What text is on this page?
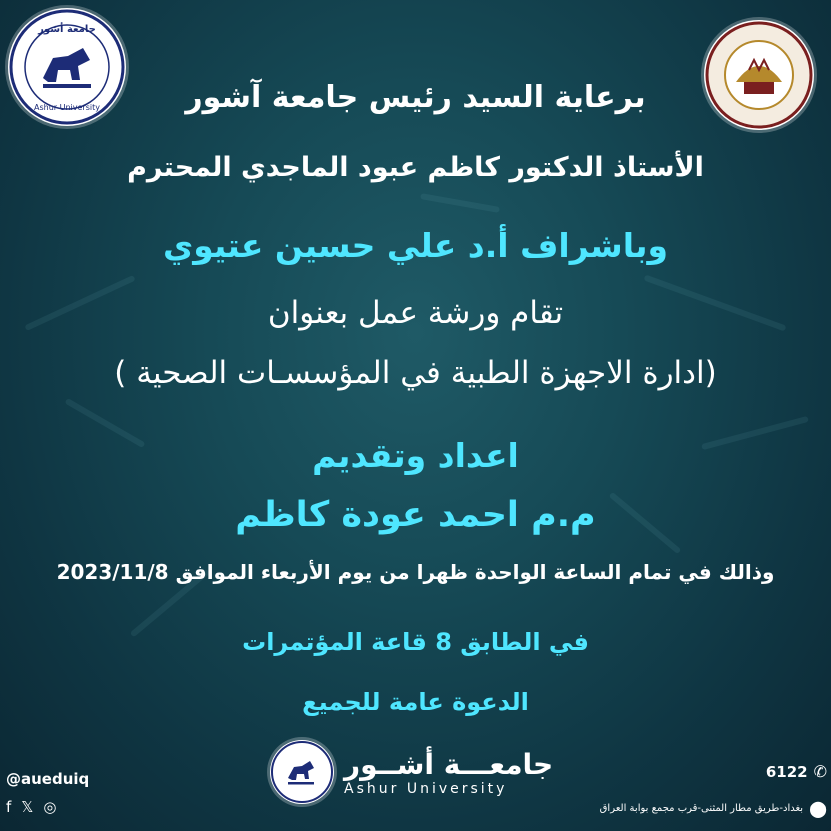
جامعة أشور
Ashur University	برعاية السيد رئيس جامعة آشور
الأستاذ الدكتور كاظم عبود الماجدي المحترم
وباشراف أ.د علي حسين عتيوي
تقام ورشة عمل بعنوان
(ادارة الاجهزة الطبية في المؤسسـات الصحية )
اعداد وتقديم
م.م احمد عودة كاظم
وذالك في تمام الساعة الواحدة ظهرا من يوم الأربعاء الموافق 2023/11/8
في الطابق 8 قاعة المؤتمرات
الدعوة عامة للجميع
@aueduiq
f 𝕏 ◎
جامعـــة أشــور
Ashur University
✆
6122
⬤
بغداد-طريق مطار المثنى-قرب مجمع بوابة العراق
